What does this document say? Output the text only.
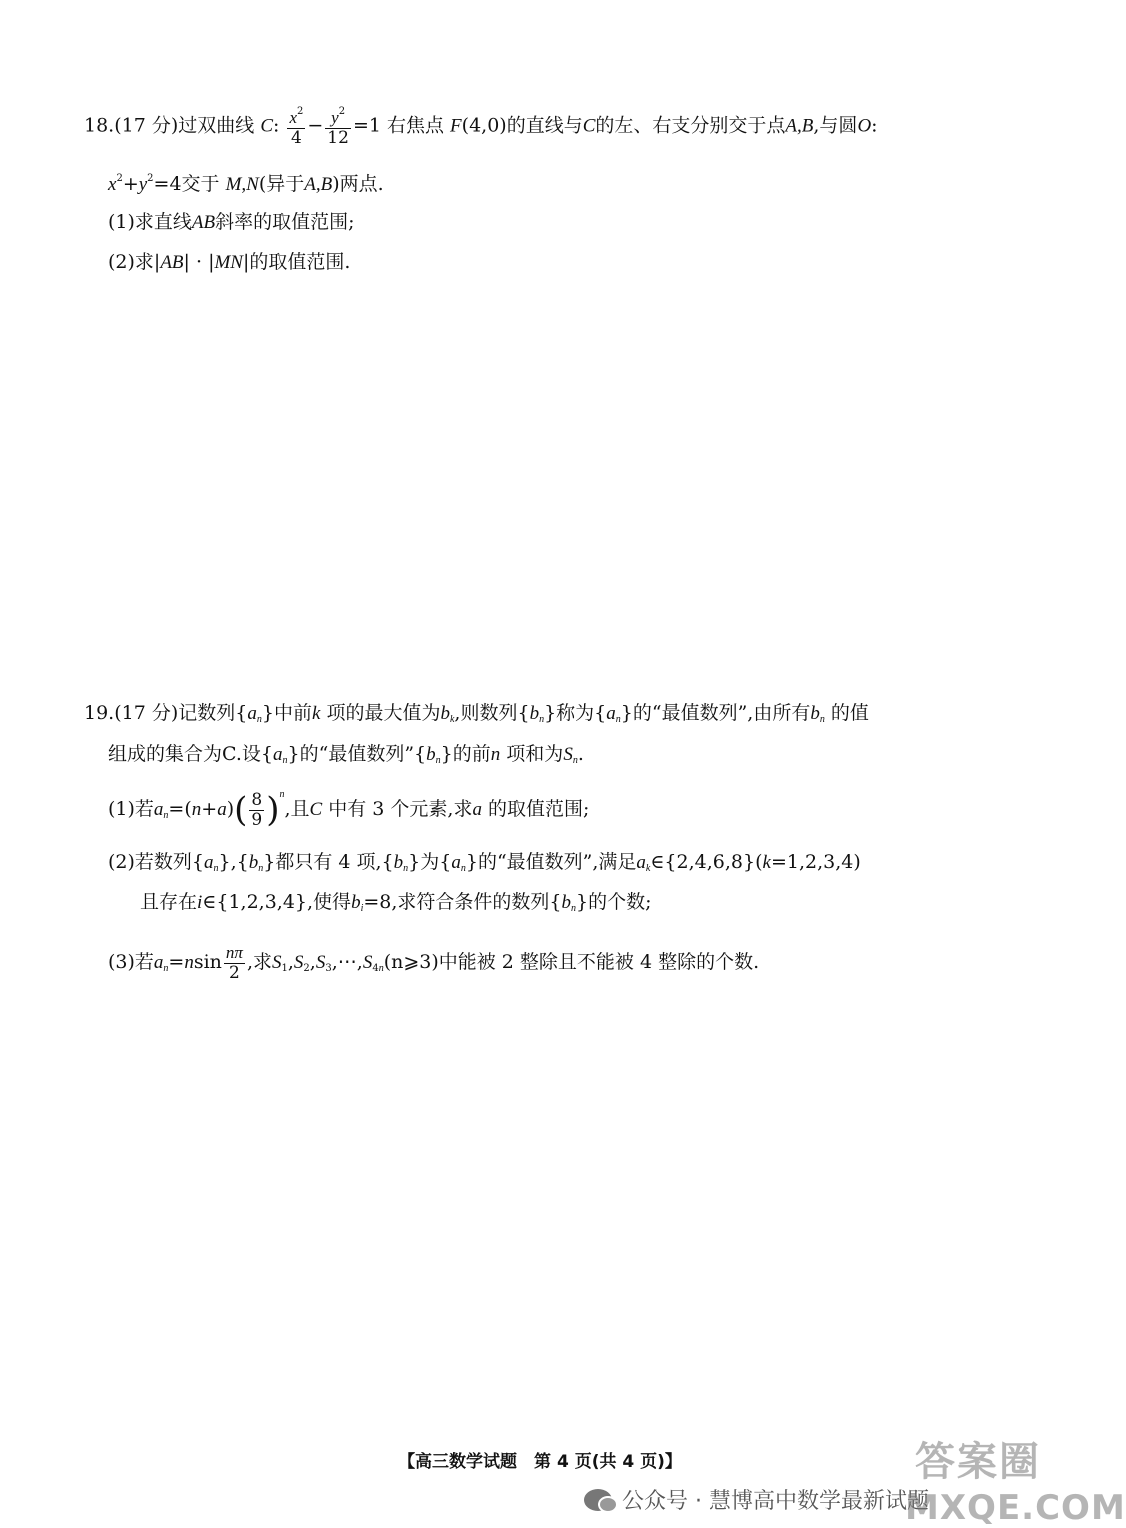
18.(17 分)过双曲线 C: $\frac{x^2}{4} - \frac{y^2}{12} =1$ 右焦点 F(4,0)的直线与C的左、右支分别交于点A,B,与圆O:
$x^2+y^2=4$交于 M,N(异于A,B)两点.
(1)求直线AB斜率的取值范围;
(2)求|AB| · |MN|的取值范围.
19.(17 分)记数列$\{a_n\}$中前k 项的最大值为$b_k$,则数列$\{b_n\}$称为$\{a_n\}$的“最值数列”,由所有$b_n$ 的值
组成的集合为C.设$\{a_n\}$的“最值数列$”\{b_n\}$的前n 项和为$S_n$.
(1)若$a_n=(n+a)( \frac{8}{9} )^n$,且C 中有 3 个元素,求a 的取值范围;
(2)若数列$\{a_n\},\{b_n\}$都只有 4 项$,\{b_n\}$为$\{a_n\}$的“最值数列”,满足$a_k\in\{2,4,6,8\}(k=1,2,3,4)$
且存在i∈{1,2,3,4},使得$b_i=8$,求符合条件的数列$\{b_n\}$的个数;
(3)若$a_n=nsin \frac{n\pi}{2}$ ,求$S_1,S_2,S_3,\cdots,S_{4n}(n⩾3)$中能被 2 整除且不能被 4 整除的个数.
【高三数学试题　第 4 页(共 4 页)】
公众号 · 慧博高中数学最新试题
答案圈
MXQE.COM
